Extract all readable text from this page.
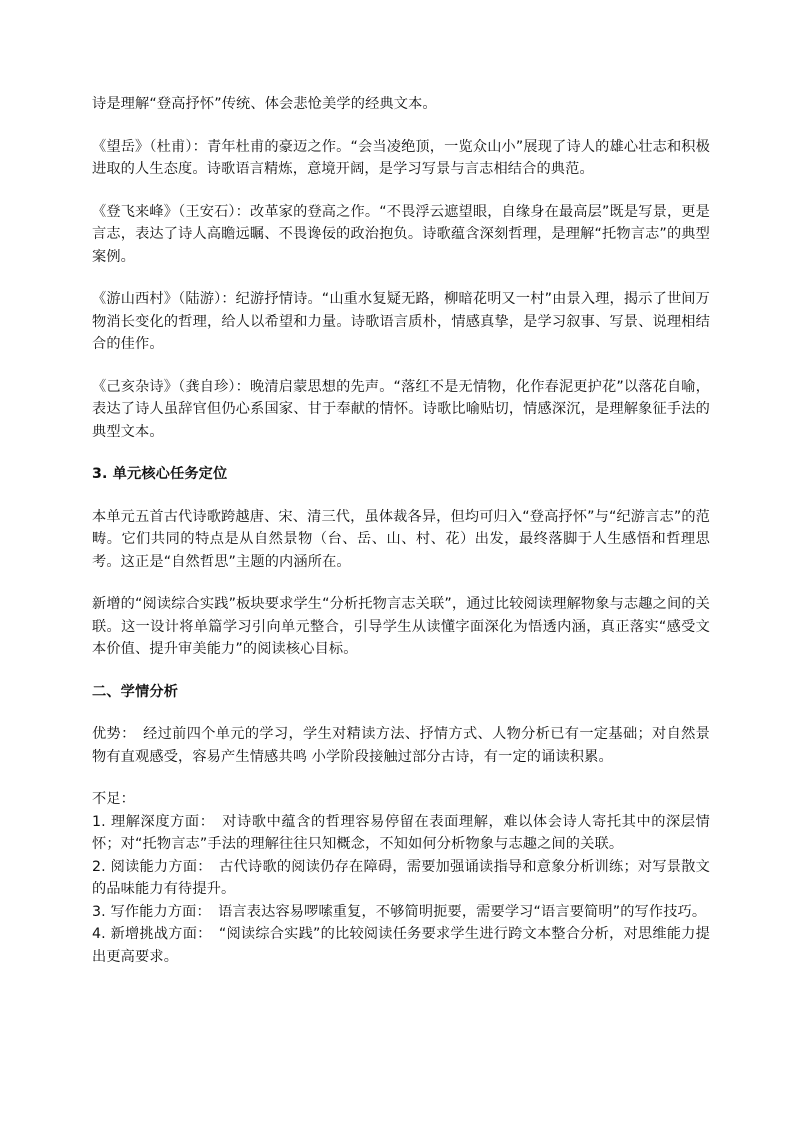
诗是理解“登高抒怀”传统、体会悲怆美学的经典文本。

《望岳》（杜甫）：青年杜甫的豪迈之作。“会当凌绝顶，一览众山小”展现了诗人的雄心壮志和积极进取的人生态度。诗歌语言精炼，意境开阔，是学习写景与言志相结合的典范。

《登飞来峰》（王安石）：改革家的登高之作。“不畏浮云遮望眼，自缘身在最高层”既是写景，更是言志，表达了诗人高瞻远瞩、不畏谗佞的政治抱负。诗歌蕴含深刻哲理，是理解“托物言志”的典型案例。

《游山西村》（陆游）：纪游抒情诗。“山重水复疑无路，柳暗花明又一村”由景入理，揭示了世间万物消长变化的哲理，给人以希望和力量。诗歌语言质朴，情感真挚，是学习叙事、写景、说理相结合的佳作。

《己亥杂诗》（龚自珍）：晚清启蒙思想的先声。“落红不是无情物，化作春泥更护花”以落花自喻，表达了诗人虽辞官但仍心系国家、甘于奉献的情怀。诗歌比喻贴切，情感深沉，是理解象征手法的典型文本。

3. 单元核心任务定位

本单元五首古代诗歌跨越唐、宋、清三代，虽体裁各异，但均可归入“登高抒怀”与“纪游言志”的范畴。它们共同的特点是从自然景物（台、岳、山、村、花）出发，最终落脚于人生感悟和哲理思考。这正是“自然哲思”主题的内涵所在。

新增的“阅读综合实践”板块要求学生“分析托物言志关联”，通过比较阅读理解物象与志趣之间的关联。这一设计将单篇学习引向单元整合，引导学生从读懂字面深化为悟透内涵，真正落实“感受文本价值、提升审美能力”的阅读核心目标。

二、学情分析

优势：　经过前四个单元的学习，学生对精读方法、抒情方式、人物分析已有一定基础；对自然景物有直观感受，容易产生情感共鸣 小学阶段接触过部分古诗，有一定的诵读积累。

不足：

1. 理解深度方面：　对诗歌中蕴含的哲理容易停留在表面理解，难以体会诗人寄托其中的深层情怀；对“托物言志”手法的理解往往只知概念，不知如何分析物象与志趣之间的关联。

2. 阅读能力方面：　古代诗歌的阅读仍存在障碍，需要加强诵读指导和意象分析训练；对写景散文的品味能力有待提升。

3. 写作能力方面：　语言表达容易啰嗦重复，不够简明扼要，需要学习“语言要简明”的写作技巧。

4. 新增挑战方面：　“阅读综合实践”的比较阅读任务要求学生进行跨文本整合分析，对思维能力提出更高要求。
